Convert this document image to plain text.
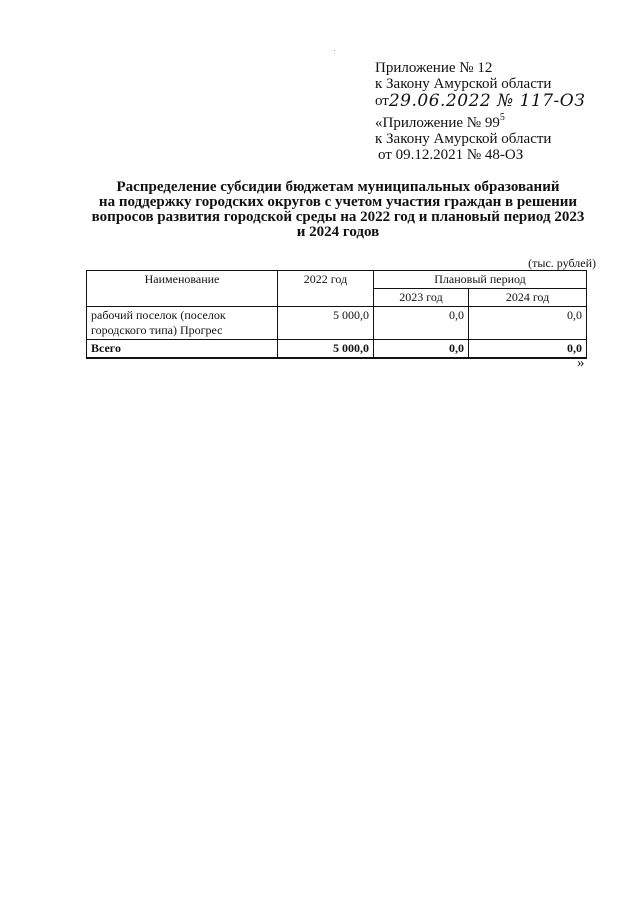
Приложение № 12
к Закону Амурской области
от29.06.2022 № 117-ОЗ
«Приложение № $99^5$
к Закону Амурской области
от 09.12.2021 № 48-ОЗ
Распределение субсидии бюджетам муниципальных образований
на поддержку городских округов с учетом участия граждан в решении
вопросов развития городской среды на 2022 год и плановый период 2023
и 2024 годов
(тыс. рублей)
Наименование	2022 год	Плановый период	
		2023 год	2024 год
рабочий поселок (поселок городского типа) Прогрес	5 000,0	0,0	0,0
Всего	5 000,0	0,0	0,0
»
